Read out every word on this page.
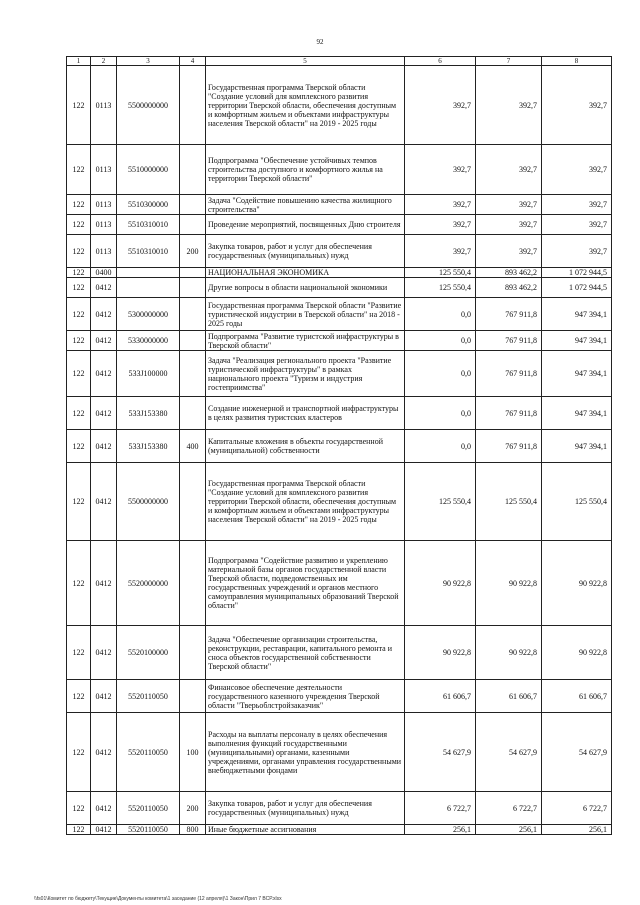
92
1	2	3	4	5	6	7	8
122	0113	5500000000		Государственная программа Тверской области "Создание условий для комплексного развития территории Тверской области, обеспечения доступным и комфортным жильем и объектами инфраструктуры населения Тверской области" на 2019 - 2025 годы	392,7	392,7	392,7
122	0113	5510000000		Подпрограмма "Обеспечение устойчивых темпов строительства доступного и комфортного жилья на территории Тверской области"	392,7	392,7	392,7
122	0113	5510300000		Задача "Содействие повышению качества жилищного строительства"	392,7	392,7	392,7
122	0113	5510310010		Проведение мероприятий, посвященных Дню строителя	392,7	392,7	392,7
122	0113	5510310010	200	Закупка товаров, работ и услуг для обеспечения государственных (муниципальных) нужд	392,7	392,7	392,7
122	0400			НАЦИОНАЛЬНАЯ ЭКОНОМИКА	125 550,4	893 462,2	1 072 944,5
122	0412			Другие вопросы в области национальной экономики	125 550,4	893 462,2	1 072 944,5
122	0412	5300000000		Государственная программа Тверской области "Развитие туристической индустрии в Тверской области" на 2018 - 2025 годы	0,0	767 911,8	947 394,1
122	0412	5330000000		Подпрограмма "Развитие туристской инфраструктуры в Тверской области"	0,0	767 911,8	947 394,1
122	0412	533J100000		Задача "Реализация регионального проекта "Развитие туристической инфраструктуры" в рамках национального проекта "Туризм и индустрия гостеприимства"	0,0	767 911,8	947 394,1
122	0412	533J153380		Создание инженерной и транспортной инфраструктуры в целях развития туристских кластеров	0,0	767 911,8	947 394,1
122	0412	533J153380	400	Капитальные вложения в объекты государственной (муниципальной) собственности	0,0	767 911,8	947 394,1
122	0412	5500000000		Государственная программа Тверской области "Создание условий для комплексного развития территории Тверской области, обеспечения доступным и комфортным жильем и объектами инфраструктуры населения Тверской области" на 2019 - 2025 годы	125 550,4	125 550,4	125 550,4
122	0412	5520000000		Подпрограмма "Содействие развитию и укреплению материальной базы органов государственной власти Тверской области, подведомственных им государственных учреждений и органов местного самоуправления муниципальных образований Тверской области"	90 922,8	90 922,8	90 922,8
122	0412	5520100000		Задача "Обеспечение организации строительства, реконструкции, реставрации, капитального ремонта и сноса объектов государственной собственности Тверской области"	90 922,8	90 922,8	90 922,8
122	0412	5520110050		Финансовое обеспечение деятельности государственного казенного учреждения Тверской области "Тверьоблстройзаказчик"	61 606,7	61 606,7	61 606,7
122	0412	5520110050	100	Расходы на выплаты персоналу в целях обеспечения выполнения функций государственными (муниципальными) органами, казенными учреждениями, органами управления государственными внебюджетными фондами	54 627,9	54 627,9	54 627,9
122	0412	5520110050	200	Закупка товаров, работ и услуг для обеспечения государственных (муниципальных) нужд	6 722,7	6 722,7	6 722,7
122	0412	5520110050	800	Иные бюджетные ассигнования	256,1	256,1	256,1
\\fs01\Комитет по бюджету\Текущие\Документы комитета\1 заседание (12 апреля)\1 Закон\Прил 7 ВСР.xlsx
